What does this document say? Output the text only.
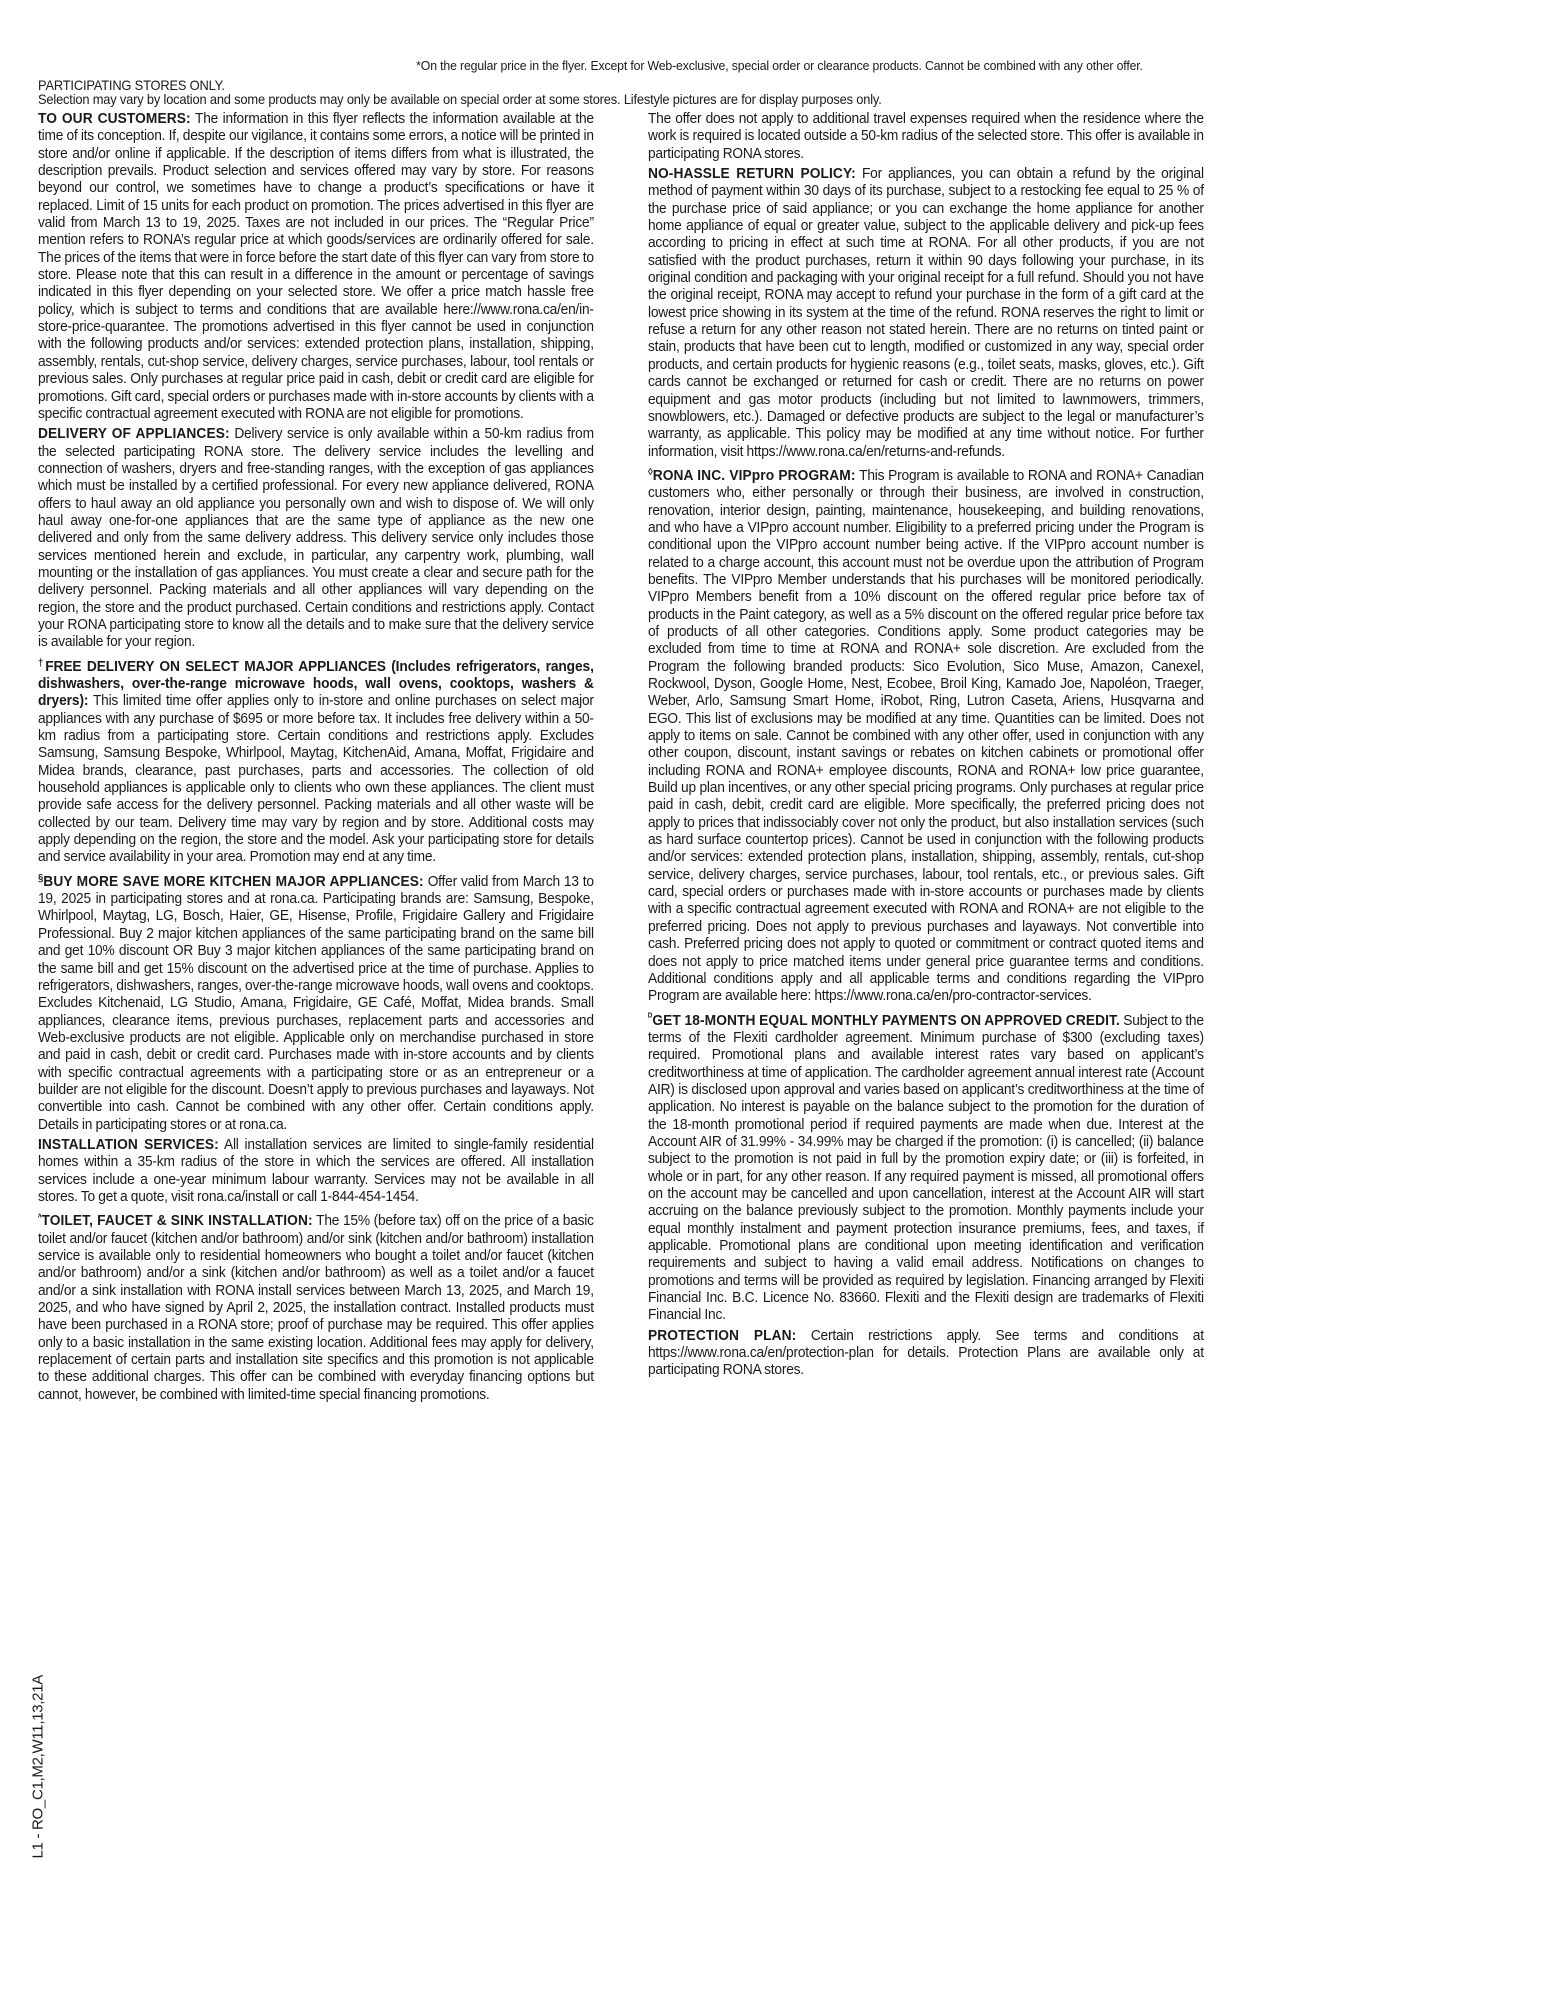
*On the regular price in the flyer. Except for Web-exclusive, special order or clearance products. Cannot be combined with any other offer.
PARTICIPATING STORES ONLY.
Selection may vary by location and some products may only be available on special order at some stores. Lifestyle pictures are for display purposes only.

TO OUR CUSTOMERS: The information in this flyer reflects the information available at the time of its conception. If, despite our vigilance, it contains some errors, a notice will be printed in store and/or online if applicable. If the description of items differs from what is illustrated, the description prevails. Product selection and services offered may vary by store. For reasons beyond our control, we sometimes have to change a product’s specifications or have it replaced. Limit of 15 units for each product on promotion. The prices advertised in this flyer are valid from March 13 to 19, 2025. Taxes are not included in our prices. The “Regular Price” mention refers to RONA’s regular price at which goods/services are ordinarily offered for sale. The prices of the items that were in force before the start date of this flyer can vary from store to store. Please note that this can result in a difference in the amount or percentage of savings indicated in this flyer depending on your selected store. We offer a price match hassle free policy, which is subject to terms and conditions that are available here://www.rona.ca/en/in-store-price-quarantee. The promotions advertised in this flyer cannot be used in conjunction with the following products and/or services: extended protection plans, installation, shipping, assembly, rentals, cut-shop service, delivery charges, service purchases, labour, tool rentals or previous sales. Only purchases at regular price paid in cash, debit or credit card are eligible for promotions. Gift card, special orders or purchases made with in-store accounts by clients with a specific contractual agreement executed with RONA are not eligible for promotions.

DELIVERY OF APPLIANCES: Delivery service is only available within a 50-km radius from the selected participating RONA store. The delivery service includes the levelling and connection of washers, dryers and free-standing ranges, with the exception of gas appliances which must be installed by a certified professional. For every new appliance delivered, RONA offers to haul away an old appliance you personally own and wish to dispose of. We will only haul away one-for-one appliances that are the same type of appliance as the new one delivered and only from the same delivery address. This delivery service only includes those services mentioned herein and exclude, in particular, any carpentry work, plumbing, wall mounting or the installation of gas appliances. You must create a clear and secure path for the delivery personnel. Packing materials and all other appliances will vary depending on the region, the store and the product purchased. Certain conditions and restrictions apply. Contact your RONA participating store to know all the details and to make sure that the delivery service is available for your region.

†FREE DELIVERY ON SELECT MAJOR APPLIANCES (Includes refrigerators, ranges, dishwashers, over-the-range microwave hoods, wall ovens, cooktops, washers & dryers): This limited time offer applies only to in-store and online purchases on select major appliances with any purchase of $695 or more before tax. It includes free delivery within a 50-km radius from a participating store. Certain conditions and restrictions apply. Excludes Samsung, Samsung Bespoke, Whirlpool, Maytag, KitchenAid, Amana, Moffat, Frigidaire and Midea brands, clearance, past purchases, parts and accessories. The collection of old household appliances is applicable only to clients who own these appliances. The client must provide safe access for the delivery personnel. Packing materials and all other waste will be collected by our team. Delivery time may vary by region and by store. Additional costs may apply depending on the region, the store and the model. Ask your participating store for details and service availability in your area. Promotion may end at any time.

§BUY MORE SAVE MORE KITCHEN MAJOR APPLIANCES: Offer valid from March 13 to 19, 2025 in participating stores and at rona.ca. Participating brands are: Samsung, Bespoke, Whirlpool, Maytag, LG, Bosch, Haier, GE, Hisense, Profile, Frigidaire Gallery and Frigidaire Professional. Buy 2 major kitchen appliances of the same participating brand on the same bill and get 10% discount OR Buy 3 major kitchen appliances of the same participating brand on the same bill and get 15% discount on the advertised price at the time of purchase. Applies to refrigerators, dishwashers, ranges, over-the-range microwave hoods, wall ovens and cooktops. Excludes Kitchenaid, LG Studio, Amana, Frigidaire, GE Café, Moffat, Midea brands. Small appliances, clearance items, previous purchases, replacement parts and accessories and Web-exclusive products are not eligible. Applicable only on merchandise purchased in store and paid in cash, debit or credit card. Purchases made with in-store accounts and by clients with specific contractual agreements with a participating store or as an entrepreneur or a builder are not eligible for the discount. Doesn’t apply to previous purchases and layaways. Not convertible into cash. Cannot be combined with any other offer. Certain conditions apply. Details in participating stores or at rona.ca.

INSTALLATION SERVICES: All installation services are limited to single-family residential homes within a 35-km radius of the store in which the services are offered. All installation services include a one-year minimum labour warranty. Services may not be available in all stores. To get a quote, visit rona.ca/install or call 1-844-454-1454.

$^ᶺ$TOILET, FAUCET & SINK INSTALLATION: The 15% (before tax) off on the price of a basic toilet and/or faucet (kitchen and/or bathroom) and/or sink (kitchen and/or bathroom) installation service is available only to residential homeowners who bought a toilet and/or faucet (kitchen and/or bathroom) and/or a sink (kitchen and/or bathroom) as well as a toilet and/or a faucet and/or a sink installation with RONA install services between March 13, 2025, and March 19, 2025, and who have signed by April 2, 2025, the installation contract. Installed products must have been purchased in a RONA store; proof of purchase may be required. This offer applies only to a basic installation in the same existing location. Additional fees may apply for delivery, replacement of certain parts and installation site specifics and this promotion is not applicable to these additional charges. This offer can be combined with everyday financing options but cannot, however, be combined with limited-time special financing promotions.

The offer does not apply to additional travel expenses required when the residence where the work is required is located outside a 50-km radius of the selected store. This offer is available in participating RONA stores.

NO-HASSLE RETURN POLICY: For appliances, you can obtain a refund by the original method of payment within 30 days of its purchase, subject to a restocking fee equal to 25 % of the purchase price of said appliance; or you can exchange the home appliance for another home appliance of equal or greater value, subject to the applicable delivery and pick-up fees according to pricing in effect at such time at RONA. For all other products, if you are not satisfied with the product purchases, return it within 90 days following your purchase, in its original condition and packaging with your original receipt for a full refund. Should you not have the original receipt, RONA may accept to refund your purchase in the form of a gift card at the lowest price showing in its system at the time of the refund. RONA reserves the right to limit or refuse a return for any other reason not stated herein. There are no returns on tinted paint or stain, products that have been cut to length, modified or customized in any way, special order products, and certain products for hygienic reasons (e.g., toilet seats, masks, gloves, etc.). Gift cards cannot be exchanged or returned for cash or credit. There are no returns on power equipment and gas motor products (including but not limited to lawnmowers, trimmers, snowblowers, etc.). Damaged or defective products are subject to the legal or manufacturer’s warranty, as applicable. This policy may be modified at any time without notice. For further information, visit https://www.rona.ca/en/returns-and-refunds.

◊RONA INC. VIPpro PROGRAM: This Program is available to RONA and RONA+ Canadian customers who, either personally or through their business, are involved in construction, renovation, interior design, painting, maintenance, housekeeping, and building renovations, and who have a VIPpro account number. Eligibility to a preferred pricing under the Program is conditional upon the VIPpro account number being active. If the VIPpro account number is related to a charge account, this account must not be overdue upon the attribution of Program benefits. The VIPpro Member understands that his purchases will be monitored periodically. VIPpro Members benefit from a 10% discount on the offered regular price before tax of products in the Paint category, as well as a 5% discount on the offered regular price before tax of products of all other categories. Conditions apply. Some product categories may be excluded from time to time at RONA and RONA+ sole discretion. Are excluded from the Program the following branded products: Sico Evolution, Sico Muse, Amazon, Canexel, Rockwool, Dyson, Google Home, Nest, Ecobee, Broil King, Kamado Joe, Napoléon, Traeger, Weber, Arlo, Samsung Smart Home, iRobot, Ring, Lutron Caseta, Ariens, Husqvarna and EGO. This list of exclusions may be modified at any time. Quantities can be limited. Does not apply to items on sale. Cannot be combined with any other offer, used in conjunction with any other coupon, discount, instant savings or rebates on kitchen cabinets or promotional offer including RONA and RONA+ employee discounts, RONA and RONA+ low price guarantee, Build up plan incentives, or any other special pricing programs. Only purchases at regular price paid in cash, debit, credit card are eligible. More specifically, the preferred pricing does not apply to prices that indissociably cover not only the product, but also installation services (such as hard surface countertop prices). Cannot be used in conjunction with the following products and/or services: extended protection plans, installation, shipping, assembly, rentals, cut-shop service, delivery charges, service purchases, labour, tool rentals, etc., or previous sales. Gift card, special orders or purchases made with in-store accounts or purchases made by clients with a specific contractual agreement executed with RONA and RONA+ are not eligible to the preferred pricing. Does not apply to previous purchases and layaways. Not convertible into cash. Preferred pricing does not apply to quoted or commitment or contract quoted items and does not apply to price matched items under general price guarantee terms and conditions. Additional conditions apply and all applicable terms and conditions regarding the VIPpro Program are available here: https://www.rona.ca/en/pro-contractor-services.

$^ᴰ$GET 18-MONTH EQUAL MONTHLY PAYMENTS ON APPROVED CREDIT. Subject to the terms of the Flexiti cardholder agreement. Minimum purchase of $300 (excluding taxes) required. Promotional plans and available interest rates vary based on applicant’s creditworthiness at time of application. The cardholder agreement annual interest rate (Account AIR) is disclosed upon approval and varies based on applicant’s creditworthiness at the time of application. No interest is payable on the balance subject to the promotion for the duration of the 18-month promotional period if required payments are made when due. Interest at the Account AIR of 31.99% - 34.99% may be charged if the promotion: (i) is cancelled; (ii) balance subject to the promotion is not paid in full by the promotion expiry date; or (iii) is forfeited, in whole or in part, for any other reason. If any required payment is missed, all promotional offers on the account may be cancelled and upon cancellation, interest at the Account AIR will start accruing on the balance previously subject to the promotion. Monthly payments include your equal monthly instalment and payment protection insurance premiums, fees, and taxes, if applicable. Promotional plans are conditional upon meeting identification and verification requirements and subject to having a valid email address. Notifications on changes to promotions and terms will be provided as required by legislation. Financing arranged by Flexiti Financial Inc. B.C. Licence No. 83660. Flexiti and the Flexiti design are trademarks of Flexiti Financial Inc.

PROTECTION PLAN: Certain restrictions apply. See terms and conditions at https://www.rona.ca/en/protection-plan for details. Protection Plans are available only at participating RONA stores.

L1 - RO_C1,M2,W11,13,21A
